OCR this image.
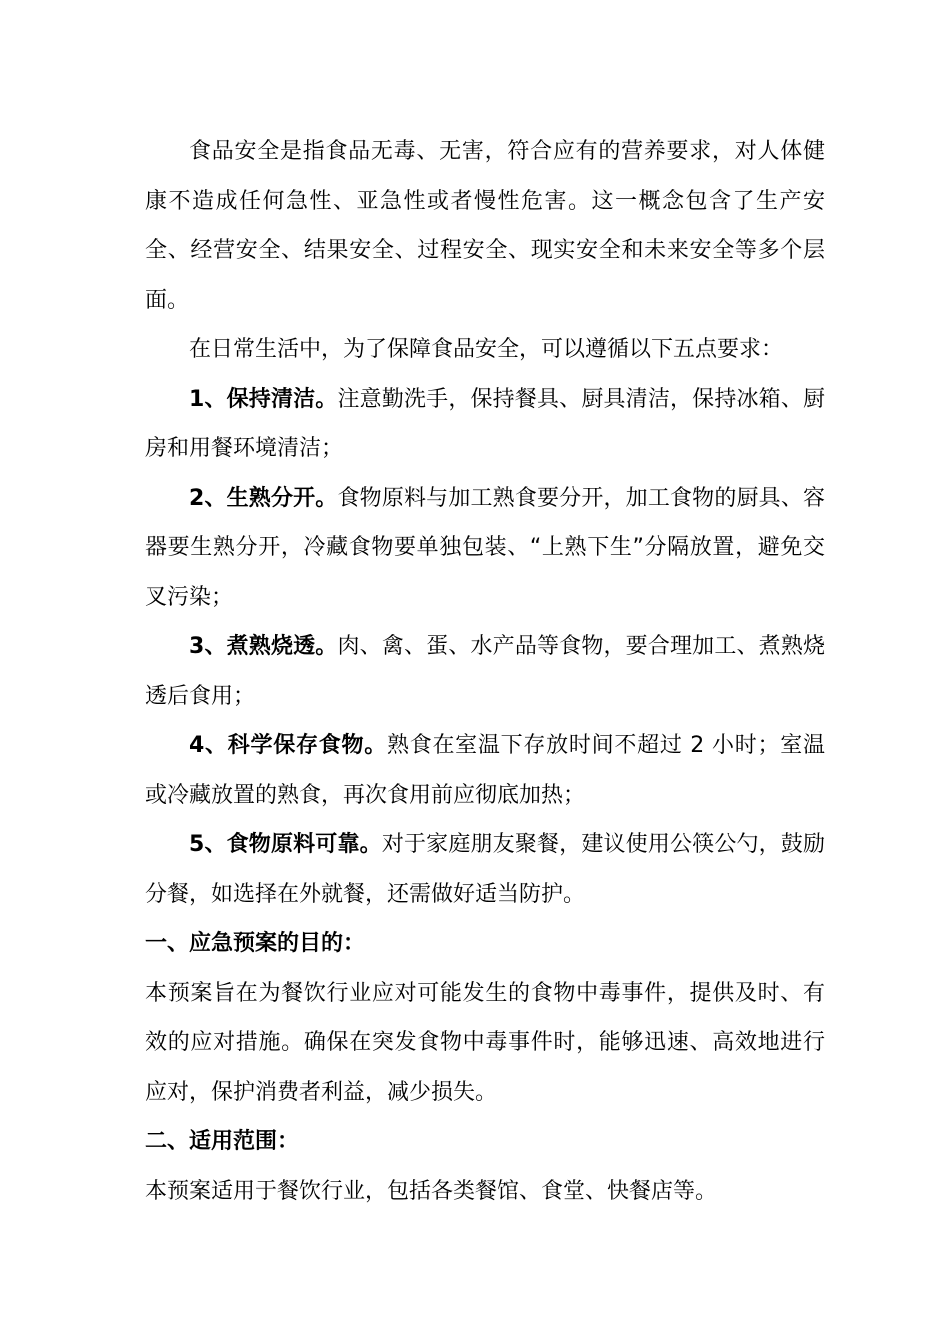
食品安全是指食品无毒、无害，符合应有的营养要求，对人体健康不造成任何急性、亚急性或者慢性危害。这一概念包含了生产安全、经营安全、结果安全、过程安全、现实安全和未来安全等多个层面。

在日常生活中，为了保障食品安全，可以遵循以下五点要求：

1、保持清洁。注意勤洗手，保持餐具、厨具清洁，保持冰箱、厨房和用餐环境清洁；

2、生熟分开。食物原料与加工熟食要分开，加工食物的厨具、容器要生熟分开，冷藏食物要单独包装、“上熟下生”分隔放置，避免交叉污染；

3、煮熟烧透。肉、禽、蛋、水产品等食物，要合理加工、煮熟烧透后食用；

4、科学保存食物。熟食在室温下存放时间不超过 2 小时；室温或冷藏放置的熟食，再次食用前应彻底加热；

5、食物原料可靠。对于家庭朋友聚餐，建议使用公筷公勺，鼓励分餐，如选择在外就餐，还需做好适当防护。

一、应急预案的目的：

本预案旨在为餐饮行业应对可能发生的食物中毒事件，提供及时、有效的应对措施。确保在突发食物中毒事件时，能够迅速、高效地进行应对，保护消费者利益，减少损失。

二、适用范围：

本预案适用于餐饮行业，包括各类餐馆、食堂、快餐店等。
